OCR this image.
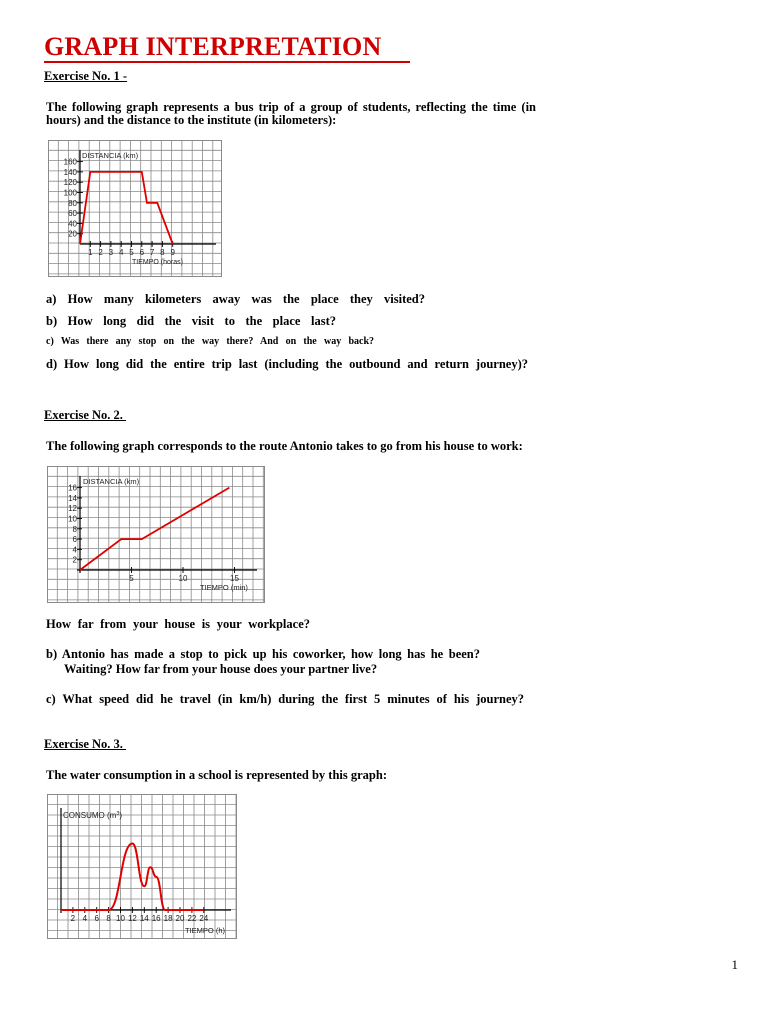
GRAPH INTERPRETATION
Exercise No. 1 -
The following graph represents a bus trip of a group of students, reflecting the time (in
hours) and the distance to the institute (in kilometers):
DISTANCIA (km)
160
140
120
100
80
60
40
20
1 2 3 4 5 6 7 8 9
TIEMPO (horas)
a) How many kilometers away was the place they visited?
b) How long did the visit to the place last?
c) Was there any stop on the way there? And on the way back?
d) How long did the entire trip last (including the outbound and return journey)?
Exercise No. 2.
The following graph corresponds to the route Antonio takes to go from his house to work:
DISTANCIA (km)
16
14
12
10
8
6
4
2
5	10	15
TIEMPO (min)
How far from your house is your workplace?
b) Antonio has made a stop to pick up his coworker, how long has he been?
Waiting? How far from your house does your partner live?
c) What speed did he travel (in km/h) during the first 5 minutes of his journey?
Exercise No. 3.
The water consumption in a school is represented by this graph:
CONSUMO $(m^3)$
2 4 6 8 10 12 14 16 18 20 22 24
TIEMPO (h)
1
